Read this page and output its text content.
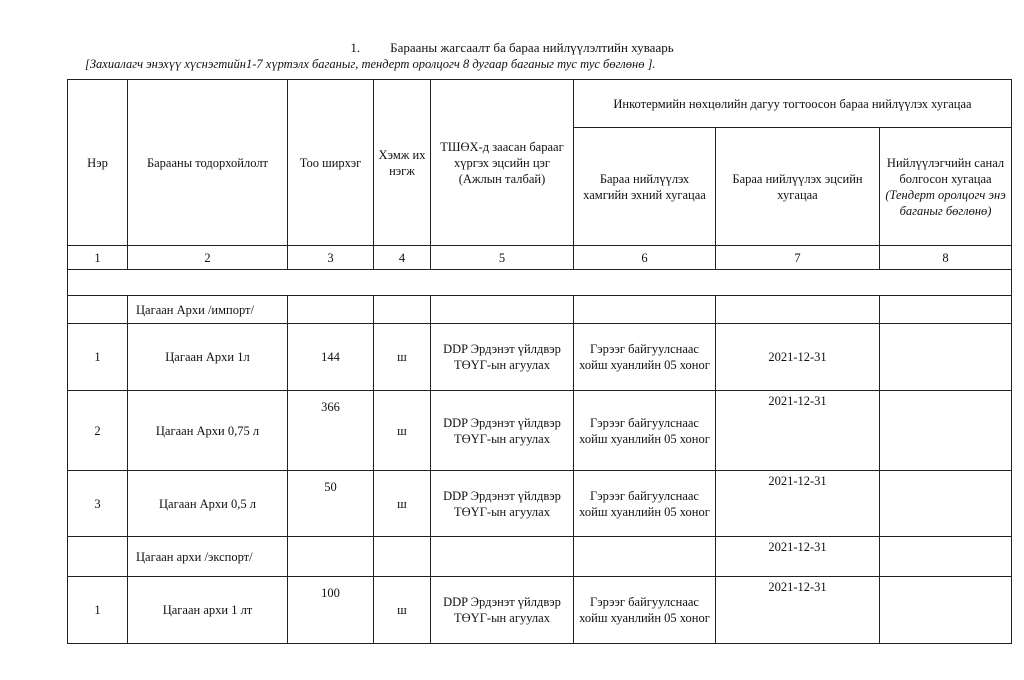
1. Барааны жагсаалт ба бараа нийлүүлэлтийн хуваарь
[Захиалагч энэхүү хүснэгтийн1-7 хүртэлх баганыг, тендерт оролцогч 8 дугаар баганыг тус тус бөглөнө ].
Нэр	Барааны тодорхойлолт	Тоо ширхэг	Хэмж их нэгж	ТШӨХ-д заасан барааг хүргэх эцсийн цэг (Ажлын талбай)	Инкотермийн нөхцөлийн дагуу тогтоосон бараа нийлүүлэх хугацаа		
					Бараа нийлүүлэх хамгийн эхний хугацаа	Бараа нийлүүлэх эцсийн хугацаа	Нийлүүлэгчийн санал болгосон хугацаа
(Тендерт оролцогч энэ баганыг бөглөнө)
1	2	3	4	5	6	7	8

	Цагаан Архи /импорт/						
1	Цагаан Архи 1л	144	ш	DDP Эрдэнэт үйлдвэр ТӨҮГ-ын агуулах	Гэрээг байгуулснаас хойш хуанлийн 05 хоног	2021-12-31	
2	Цагаан Архи 0,75 л	366	ш	DDP Эрдэнэт үйлдвэр ТӨҮГ-ын агуулах	Гэрээг байгуулснаас хойш хуанлийн 05 хоног	2021-12-31	
3	Цагаан Архи 0,5 л	50	ш	DDP Эрдэнэт үйлдвэр ТӨҮГ-ын агуулах	Гэрээг байгуулснаас хойш хуанлийн 05 хоног	2021-12-31	
	Цагаан архи /экспорт/					2021-12-31	
1	Цагаан архи 1 лт	100	ш	DDP Эрдэнэт үйлдвэр ТӨҮГ-ын агуулах	Гэрээг байгуулснаас хойш хуанлийн 05 хоног	2021-12-31	
